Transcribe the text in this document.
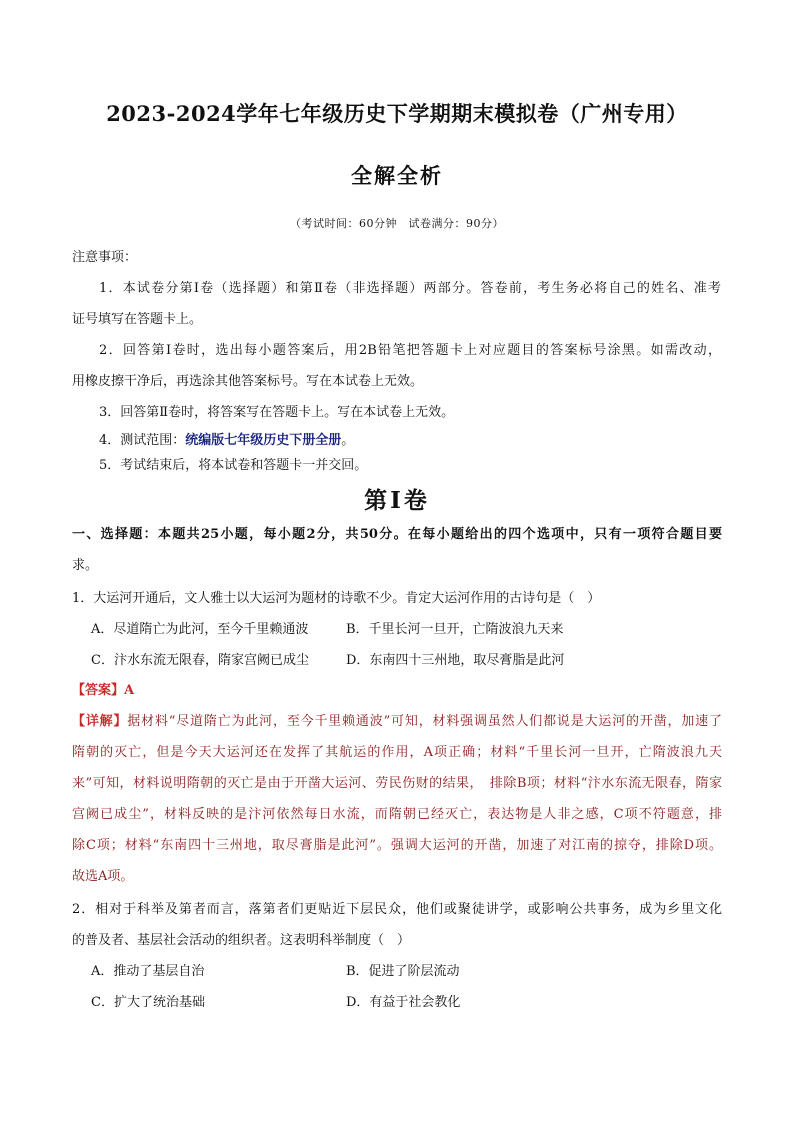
2023-2024学年七年级历史下学期期末模拟卷（广州专用）
全解全析
（考试时间：60分钟　试卷满分：90分）
注意事项：
1．本试卷分第Ⅰ卷（选择题）和第Ⅱ卷（非选择题）两部分。答卷前，考生务必将自己的姓名、准考
证号填写在答题卡上。
2．回答第Ⅰ卷时，选出每小题答案后，用2B铅笔把答题卡上对应题目的答案标号涂黑。如需改动，
用橡皮擦干净后，再选涂其他答案标号。写在本试卷上无效。
3．回答第Ⅱ卷时，将答案写在答题卡上。写在本试卷上无效。
4．测试范围：统编版七年级历史下册全册。
5．考试结束后，将本试卷和答题卡一并交回。
第Ⅰ卷
一、选择题：本题共25小题，每小题2分，共50分。在每小题给出的四个选项中，只有一项符合题目要
求。
1．大运河开通后，文人雅士以大运河为题材的诗歌不少。肯定大运河作用的古诗句是（　）
A．尽道隋亡为此河，至今千里赖通波	B．千里长河一旦开，亡隋波浪九天来
C．汴水东流无限春，隋家宫阙已成尘	D．东南四十三州地，取尽膏脂是此河
【答案】A
【详解】据材料“尽道隋亡为此河，至今千里赖通波”可知，材料强调虽然人们都说是大运河的开凿，加速了
隋朝的灭亡，但是今天大运河还在发挥了其航运的作用，A项正确；材料“千里长河一旦开，亡隋波浪九天
来”可知，材料说明隋朝的灭亡是由于开凿大运河、劳民伤财的结果，　排除B项；材料“汴水东流无限春，隋家
宫阙已成尘”，材料反映的是汴河依然每日水流，而隋朝已经灭亡，表达物是人非之感，C项不符题意，排
除C项；材料“东南四十三州地，取尽膏脂是此河”。强调大运河的开凿，加速了对江南的掠夺，排除D项。
故选A项。
2．相对于科举及第者而言，落第者们更贴近下层民众，他们或聚徒讲学，或影响公共事务，成为乡里文化
的普及者、基层社会活动的组织者。这表明科举制度（　）
A．推动了基层自治	B．促进了阶层流动
C．扩大了统治基础	D．有益于社会教化
